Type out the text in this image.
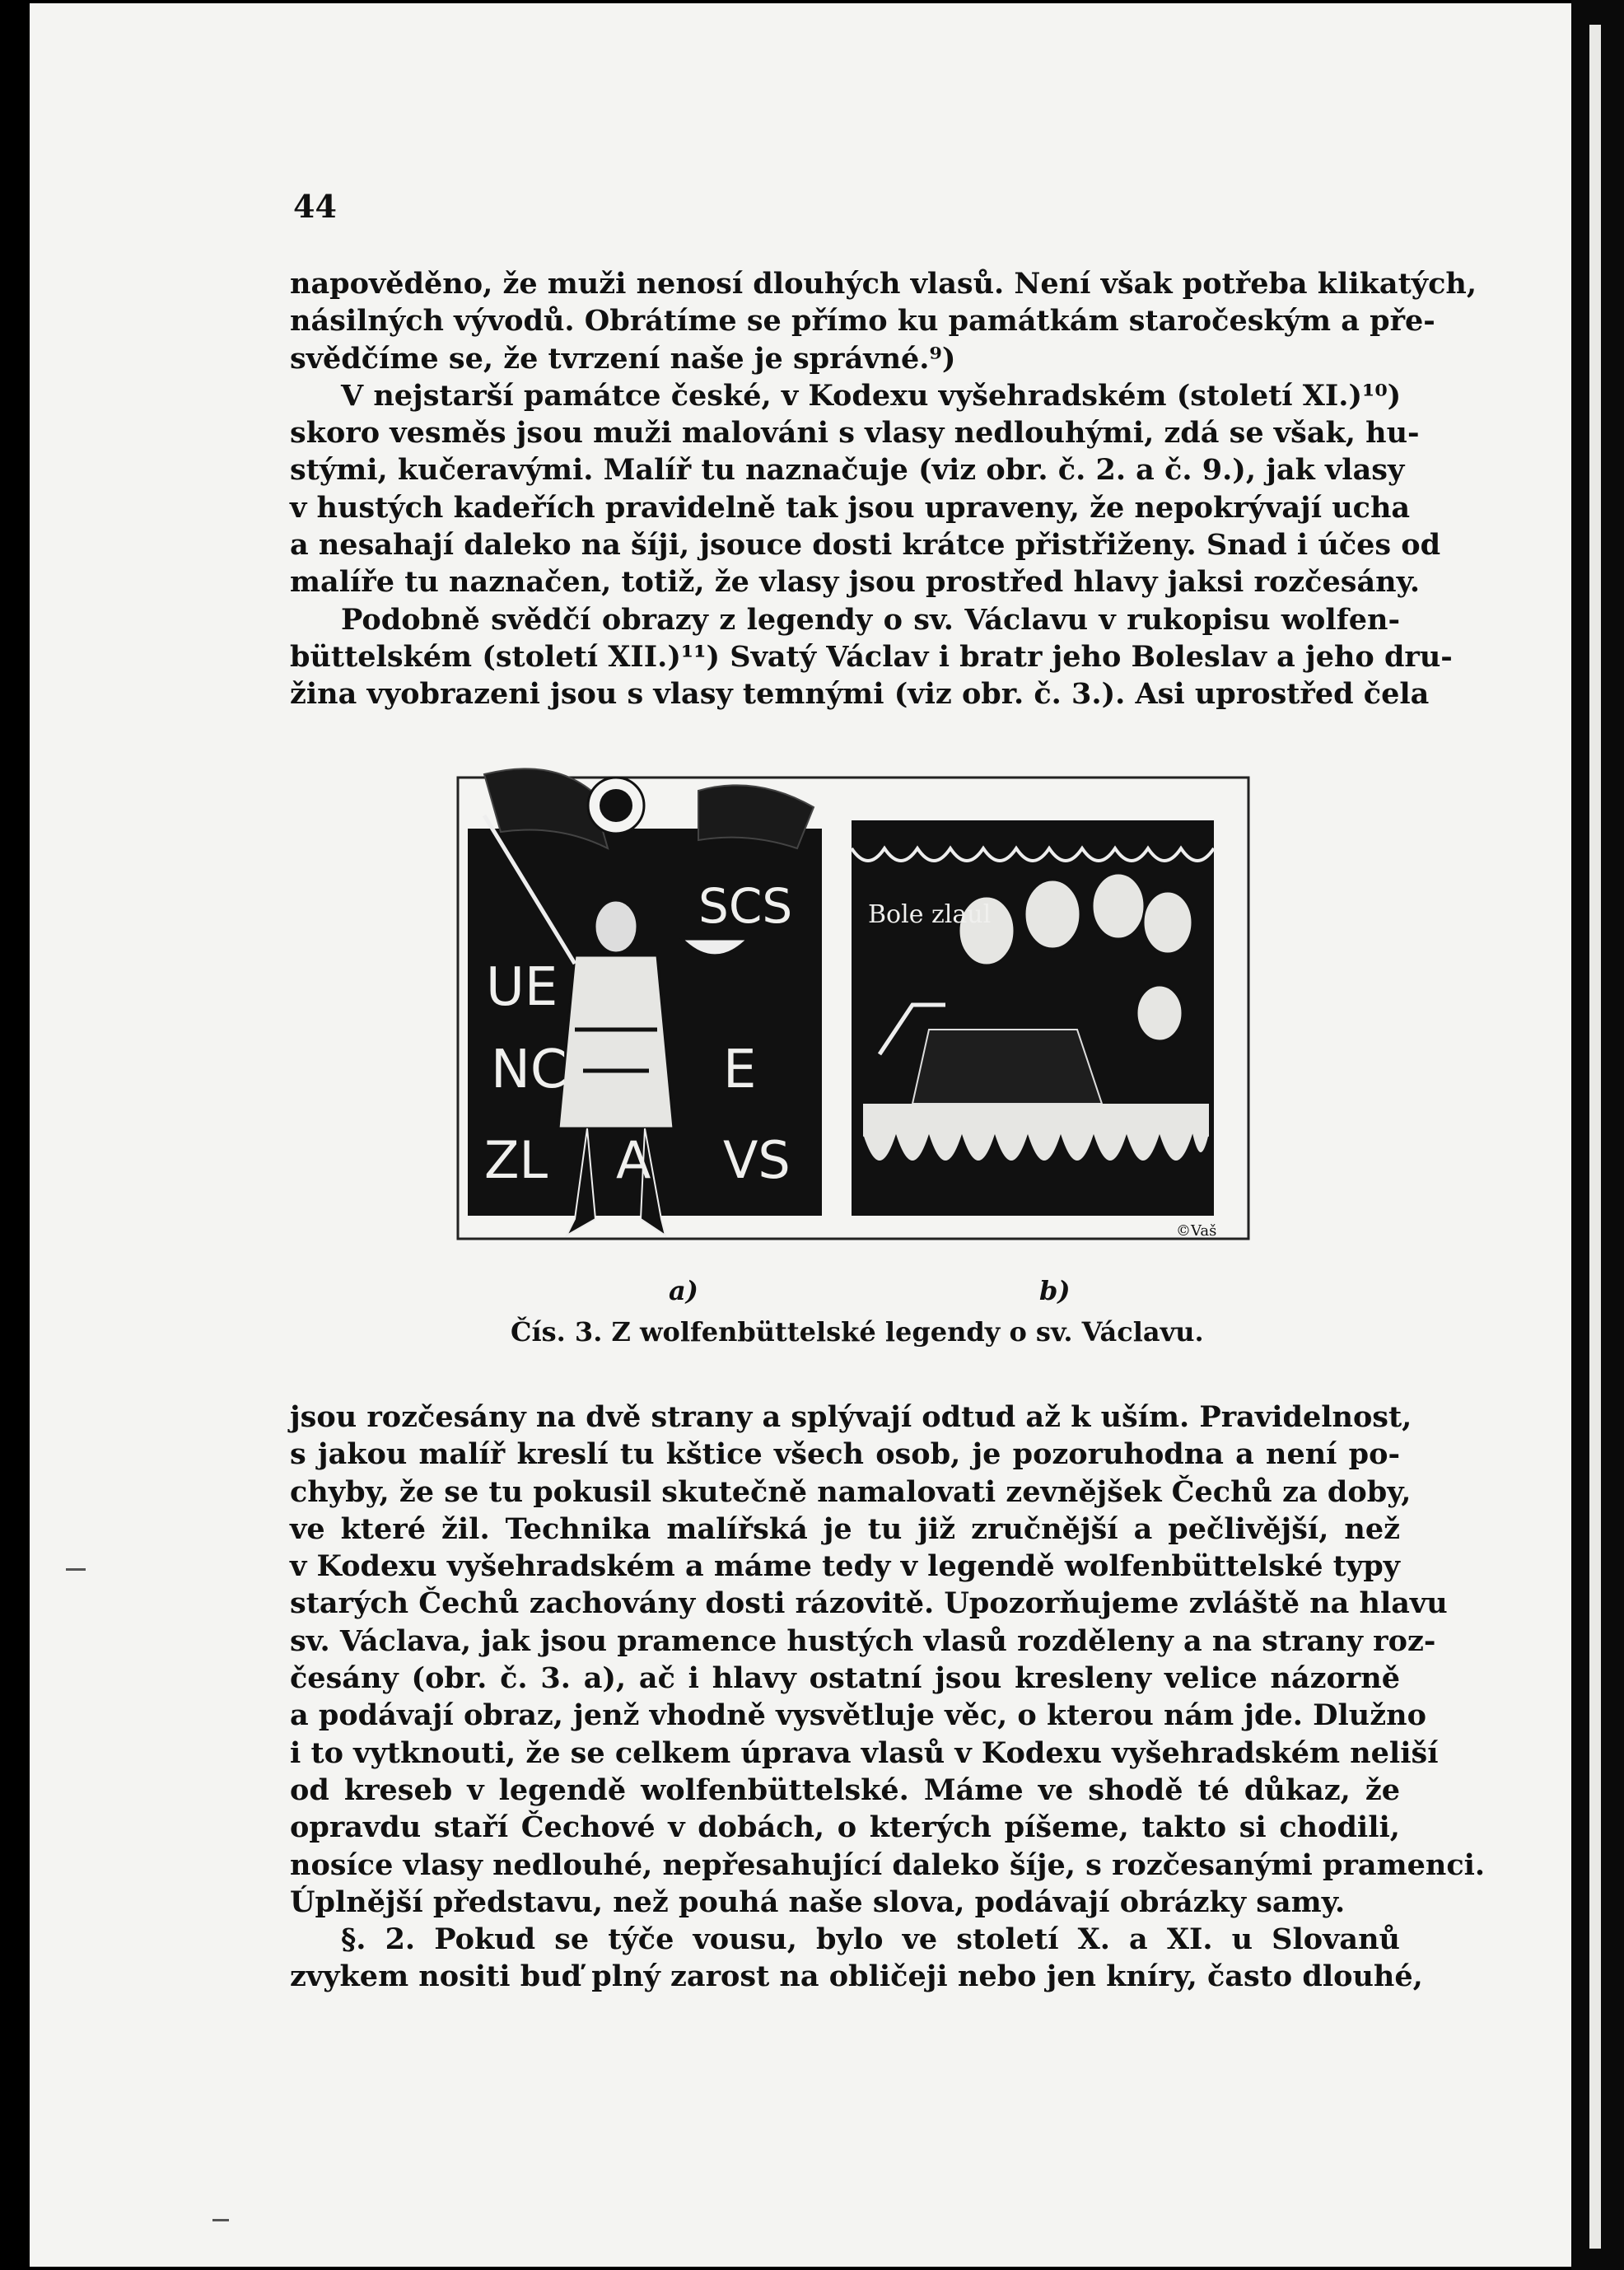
44
napověděno, že muži nenosí dlouhých vlasů. Není však potřeba klikatých,
násilných vývodů. Obrátíme se přímo ku památkám staročeským a pře-
svědčíme se, že tvrzení naše je správné.⁹)
V nejstarší památce české, v Kodexu vyšehradském (století XI.)¹⁰)
skoro vesměs jsou muži malováni s vlasy nedlouhými, zdá se však, hu-
stými, kučeravými. Malíř tu naznačuje (viz obr. č. 2. a č. 9.), jak vlasy
v hustých kadeřích pravidelně tak jsou upraveny, že nepokrývají ucha
a nesahají daleko na šíji, jsouce dosti krátce přistřiženy. Snad i účes od
malíře tu naznačen, totiž, že vlasy jsou prostřed hlavy jaksi rozčesány.
Podobně svědčí obrazy z legendy o sv. Václavu v rukopisu wolfen-
büttelském (století XII.)¹¹) Svatý Václav i bratr jeho Boleslav a jeho dru-
žina vyobrazeni jsou s vlasy temnými (viz obr. č. 3.). Asi uprostřed čela
SCS
UE
NC	E
ZL A VS
Bole zlaul
©Vaš
a)	b)
Čís. 3. Z wolfenbüttelské legendy o sv. Václavu.
jsou rozčesány na dvě strany a splývají odtud až k uším. Pravidelnost,
s jakou malíř kreslí tu kštice všech osob, je pozoruhodna a není po-
chyby, že se tu pokusil skutečně namalovati zevnějšek Čechů za doby,
ve které žil. Technika malířská je tu již zručnější a pečlivější, než
v Kodexu vyšehradském a máme tedy v legendě wolfenbüttelské typy
starých Čechů zachovány dosti rázovitě. Upozorňujeme zvláště na hlavu
sv. Václava, jak jsou pramence hustých vlasů rozděleny a na strany roz-
česány (obr. č. 3. a), ač i hlavy ostatní jsou kresleny velice názorně
a podávají obraz, jenž vhodně vysvětluje věc, o kterou nám jde. Dlužno
i to vytknouti, že se celkem úprava vlasů v Kodexu vyšehradském neliší
od kreseb v legendě wolfenbüttelské. Máme ve shodě té důkaz, že
opravdu staří Čechové v dobách, o kterých píšeme, takto si chodili,
nosíce vlasy nedlouhé, nepřesahující daleko šíje, s rozčesanými pramenci.
Úplnější představu, než pouhá naše slova, podávají obrázky samy.
§. 2. Pokud se týče vousu, bylo ve století X. a XI. u Slovanů
zvykem nositi buď plný zarost na obličeji nebo jen kníry, často dlouhé,
